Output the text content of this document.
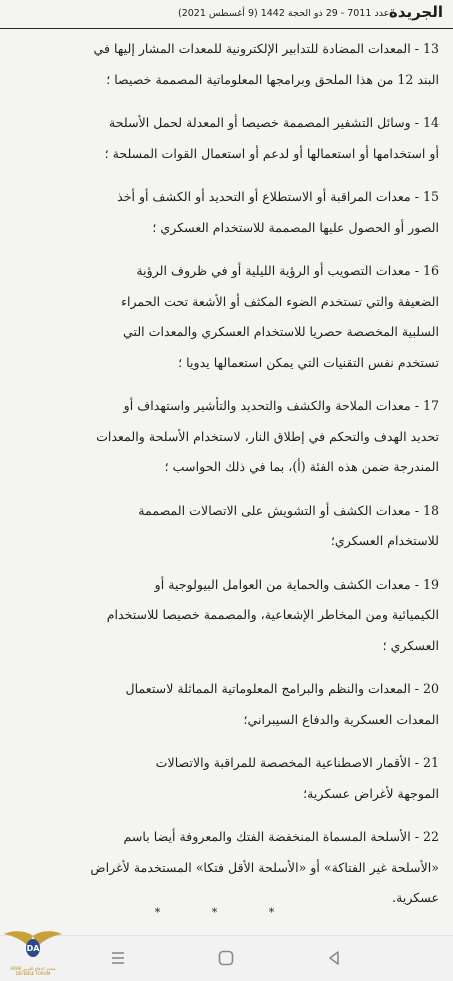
الجريدة
عدد 7011 - 29 ذو الحجة 1442 (9 أغسطس 2021)
13 - المعدات المضادة للتدابير الإلكترونية للمعدات المشار إليها في
البند 12 من هذا الملحق وبرامجها المعلوماتية المصممة خصيصا ؛
14 - وسائل التشفير المصممة خصيصا أو المعدلة لحمل الأسلحة
أو استخدامها أو استعمالها أو لدعم أو استعمال القوات المسلحة ؛
15 - معدات المراقبة أو الاستطلاع أو التحديد أو الكشف أو أخذ
الصور أو الحصول عليها المصممة للاستخدام العسكري ؛
16 - معدات التصويب أو الرؤية الليلية أو في ظروف الرؤية
الضعيفة والتي تستخدم الضوء المكثف أو الأشعة تحت الحمراء
السلبية المخصصة حصريا للاستخدام العسكري والمعدات التي
تستخدم نفس التقنيات التي يمكن استعمالها يدويا ؛
17 - معدات الملاحة والكشف والتحديد والتأشير واستهداف أو
تحديد الهدف والتحكم في إطلاق النار، لاستخدام الأسلحة والمعدات
المندرجة ضمن هذه الفئة (أ)، بما في ذلك الحواسب ؛
18 - معدات الكشف أو التشويش على الاتصالات المصممة
للاستخدام العسكري؛
19 - معدات الكشف والحماية من العوامل البيولوجية أو
الكيميائية ومن المخاطر الإشعاعية، والمصممة خصيصا للاستخدام
العسكري ؛
20 - المعدات والنظم والبرامج المعلوماتية المماثلة لاستعمال
المعدات العسكرية والدفاع السيبراني؛
21 - الأقمار الاصطناعية المخصصة للمراقبة والاتصالات
الموجهة لأغراض عسكرية؛
22 - الأسلحة المسماة المنخفضة الفتك والمعروفة أيضا باسم
«الأسلحة غير الفتاكة» أو «الأسلحة الأقل فتكا» المستخدمة لأغراض
عسكرية.
* * *
DA
منتدى الدفاع العربي ARAB DEFENSE FORUM
